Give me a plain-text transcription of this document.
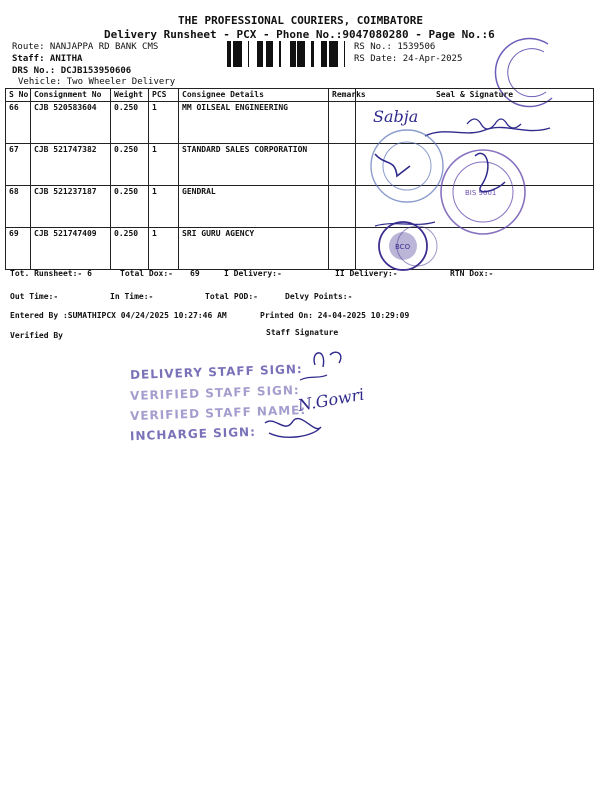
THE PROFESSIONAL COURIERS, COIMBATORE
Delivery Runsheet - PCX - Phone No.:9047080280 - Page No.:6
Route: NANJAPPA RD BANK CMS
Staff: ANITHA
DRS No.: DCJB153950606
Vehicle: Two Wheeler Delivery
RS No.: 1539506
RS Date: 24-Apr-2025
S No	Consignment No	Weight	PCS	Consignee Details	Remarks	Seal & Signature
66	CJB 520583604	0.250	1	MM OILSEAL ENGINEERING		
67	CJB 521747382	0.250	1	STANDARD SALES CORPORATION		
68	CJB 521237187	0.250	1	GENDRAL		
69	CJB 521747409	0.250	1	SRI GURU AGENCY		
Sabja
BIS 9001
BCO
Tot. Runsheet:- 6	Total Dox:- 69	I Delivery:-	II Delivery:-	RTN Dox:-
Out Time:-	In Time:-	Total POD:-	Delvy Points:-
Entered By :SUMATHIPCX 04/24/2025 10:27:46 AM	Printed On: 24-04-2025 10:29:09
Verified By	Staff Signature
DELIVERY STAFF SIGN:
VERIFIED STAFF SIGN:
VERIFIED STAFF NAME:
INCHARGE SIGN:
N.Gowri
